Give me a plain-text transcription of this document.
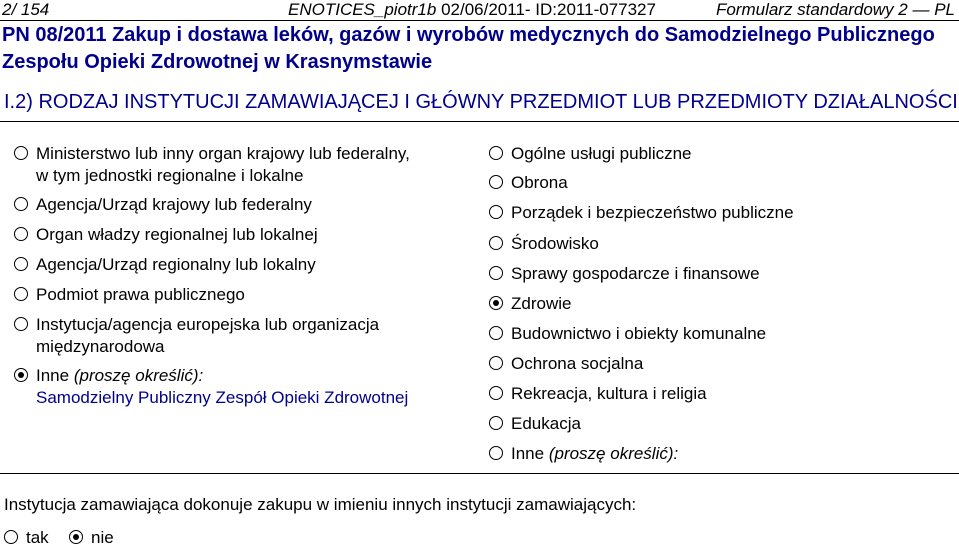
2/ 154	ENOTICES_piotr1b 02/06/2011- ID:2011-077327	Formularz standardowy 2 — PL
PN 08/2011 Zakup i dostawa leków, gazów i wyrobów medycznych do Samodzielnego Publicznego Zespołu Opieki Zdrowotnej w Krasnymstawie
I.2) RODZAJ INSTYTUCJI ZAMAWIAJĄCEJ I GŁÓWNY PRZEDMIOT LUB PRZEDMIOTY DZIAŁALNOŚCI
Ministerstwo lub inny organ krajowy lub federalny,
w tym jednostki regionalne i lokalne
Agencja/Urząd krajowy lub federalny
Organ władzy regionalnej lub lokalnej
Agencja/Urząd regionalny lub lokalny
Podmiot prawa publicznego
Instytucja/agencja europejska lub organizacja
międzynarodowa
Inne (proszę określić):
Samodzielny Publiczny Zespół Opieki Zdrowotnej
Ogólne usługi publiczne
Obrona
Porządek i bezpieczeństwo publiczne
Środowisko
Sprawy gospodarcze i finansowe
Zdrowie
Budownictwo i obiekty komunalne
Ochrona socjalna
Rekreacja, kultura i religia
Edukacja
Inne (proszę określić):
Instytucja zamawiająca dokonuje zakupu w imieniu innych instytucji zamawiających:
tak	nie
